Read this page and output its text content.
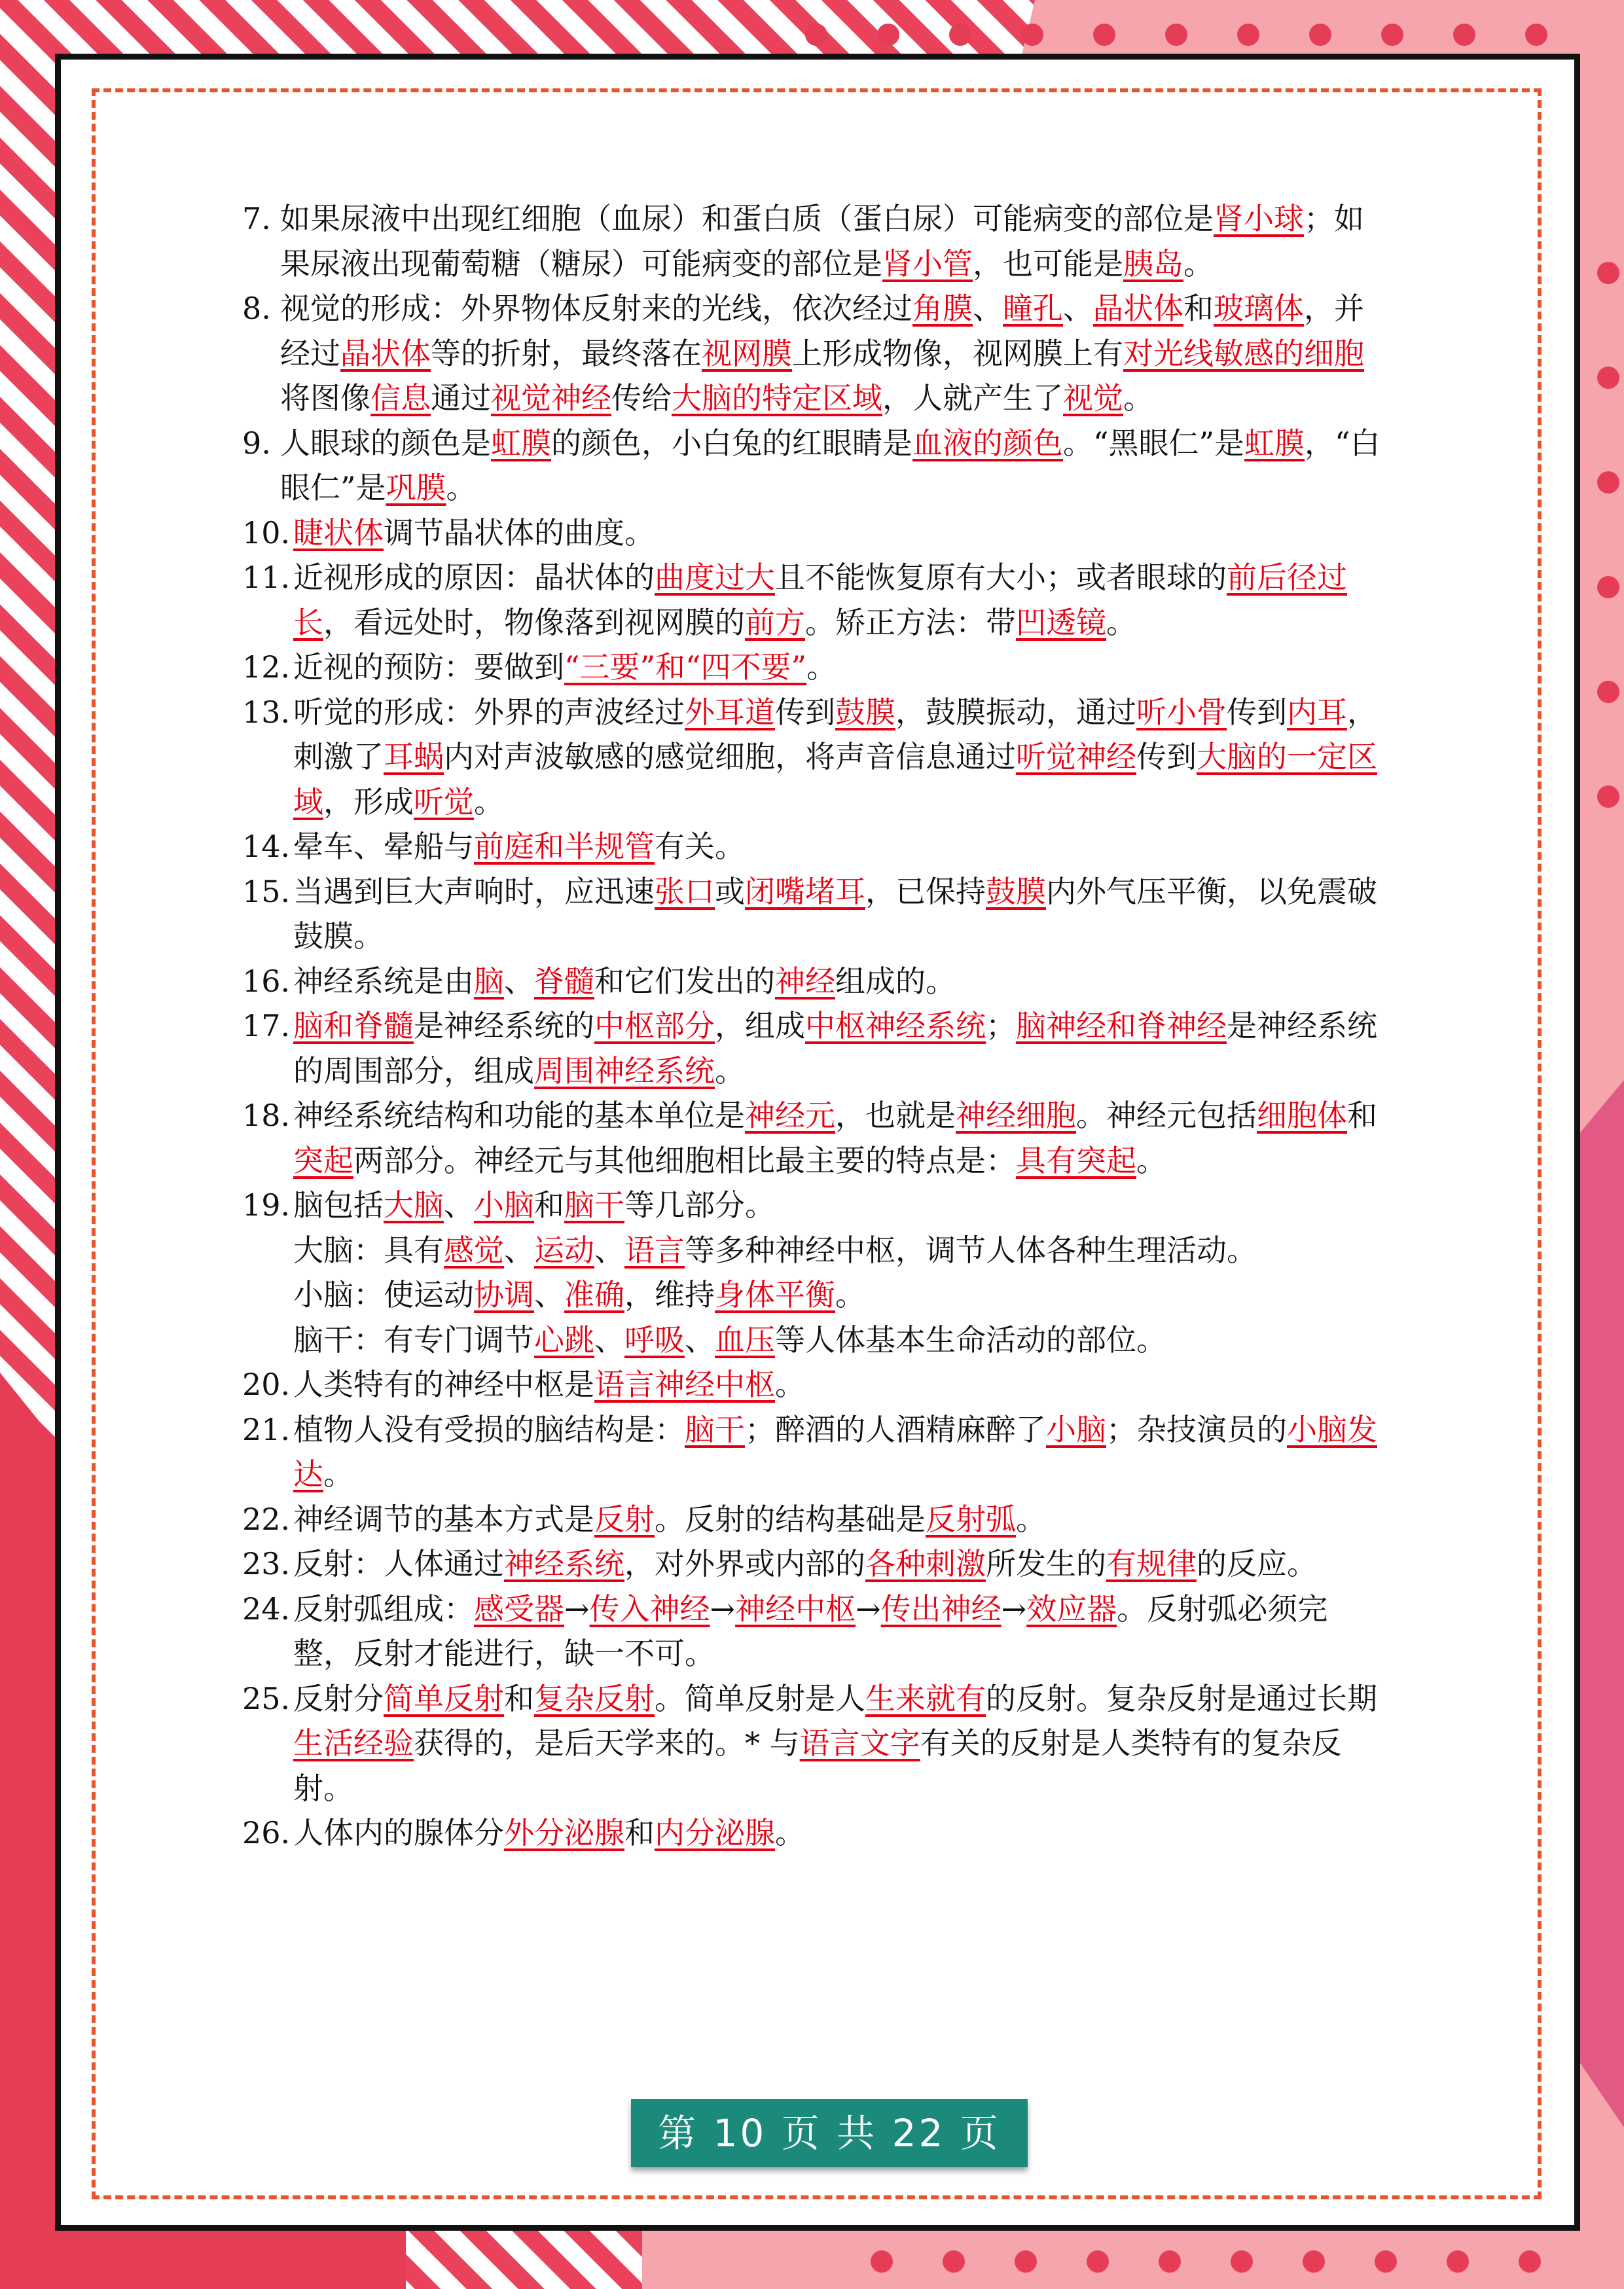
7. 如果尿液中出现红细胞（血尿）和蛋白质（蛋白尿）可能病变的部位是肾小球；如果尿液出现葡萄糖（糖尿）可能病变的部位是肾小管，也可能是胰岛。
8. 视觉的形成：外界物体反射来的光线，依次经过角膜、瞳孔、晶状体和玻璃体，并经过晶状体等的折射，最终落在视网膜上形成物像，视网膜上有对光线敏感的细胞将图像信息通过视觉神经传给大脑的特定区域，人就产生了视觉。
9. 人眼球的颜色是虹膜的颜色，小白兔的红眼睛是血液的颜色。“黑眼仁”是虹膜，“白眼仁”是巩膜。
10. 睫状体调节晶状体的曲度。
11. 近视形成的原因：晶状体的曲度过大且不能恢复原有大小；或者眼球的前后径过长，看远处时，物像落到视网膜的前方。矫正方法：带凹透镜。
12. 近视的预防：要做到“三要”和“四不要”。
13. 听觉的形成：外界的声波经过外耳道传到鼓膜，鼓膜振动，通过听小骨传到内耳，刺激了耳蜗内对声波敏感的感觉细胞，将声音信息通过听觉神经传到大脑的一定区域，形成听觉。
14. 晕车、晕船与前庭和半规管有关。
15. 当遇到巨大声响时，应迅速张口或闭嘴堵耳，已保持鼓膜内外气压平衡，以免震破鼓膜。
16. 神经系统是由脑、脊髓和它们发出的神经组成的。
17. 脑和脊髓是神经系统的中枢部分，组成中枢神经系统；脑神经和脊神经是神经系统的周围部分，组成周围神经系统。
18. 神经系统结构和功能的基本单位是神经元，也就是神经细胞。神经元包括细胞体和突起两部分。神经元与其他细胞相比最主要的特点是：具有突起。
19. 脑包括大脑、小脑和脑干等几部分。
大脑：具有感觉、运动、语言等多种神经中枢，调节人体各种生理活动。
小脑：使运动协调、准确，维持身体平衡。
脑干：有专门调节心跳、呼吸、血压等人体基本生命活动的部位。
20. 人类特有的神经中枢是语言神经中枢。
21. 植物人没有受损的脑结构是：脑干；醉酒的人酒精麻醉了小脑；杂技演员的小脑发达。
22. 神经调节的基本方式是反射。反射的结构基础是反射弧。
23. 反射：人体通过神经系统，对外界或内部的各种刺激所发生的有规律的反应。
24. 反射弧组成：感受器→传入神经→神经中枢→传出神经→效应器。反射弧必须完整，反射才能进行，缺一不可。
25. 反射分简单反射和复杂反射。简单反射是人生来就有的反射。复杂反射是通过长期生活经验获得的，是后天学来的。* 与语言文字有关的反射是人类特有的复杂反射。
26. 人体内的腺体分外分泌腺和内分泌腺。
第 10 页 共 22 页
